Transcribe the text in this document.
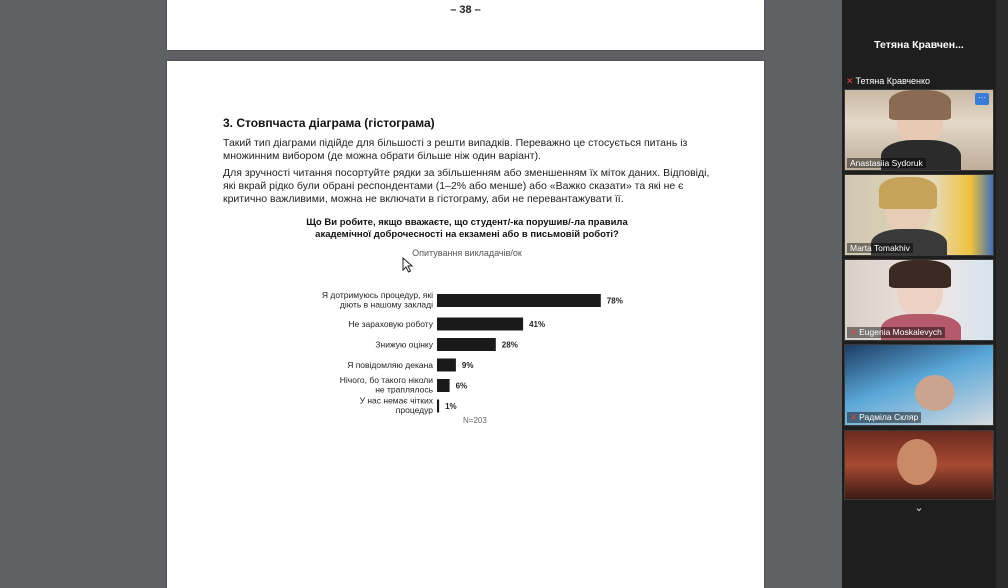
– 38 –
3. Стовпчаста діаграма (гістограма)
Такий тип діаграми підійде для більшості з решти випадків. Переважно це стосується питань із множинним вибором (де можна обрати більше ніж один варіант).
Для зручності читання посортуйте рядки за збільшенням або зменшенням їх міток даних. Відповіді, які вкрай рідко були обрані респондентами (1–2% або менше) або «Важко сказати» та які не є критично важливими, можна не включати в гістограму, аби не перевантажувати її.
Що Ви робите, якщо вважаєте, що студент/-ка порушив/-ла правила академічної доброчесності на екзамені або в письмовій роботі?
Опитування викладачів/ок
Я дотримуюсь процедур, які діють в нашому закладі	78%
Не зараховую роботу	41%
Знижую оцінку	28%
Я повідомляю декана	9%
Нічого, бо такого ніколи не траплялось	6%
У нас немає чітких процедур 1%
N=203
Тетяна Кравчен...
✕ Тетяна Кравченко
···
Anastasiia Sydoruk
Marta Tomakhiv
✕ Eugenia Moskalevych
✕ Радміла Скляр
⌄
